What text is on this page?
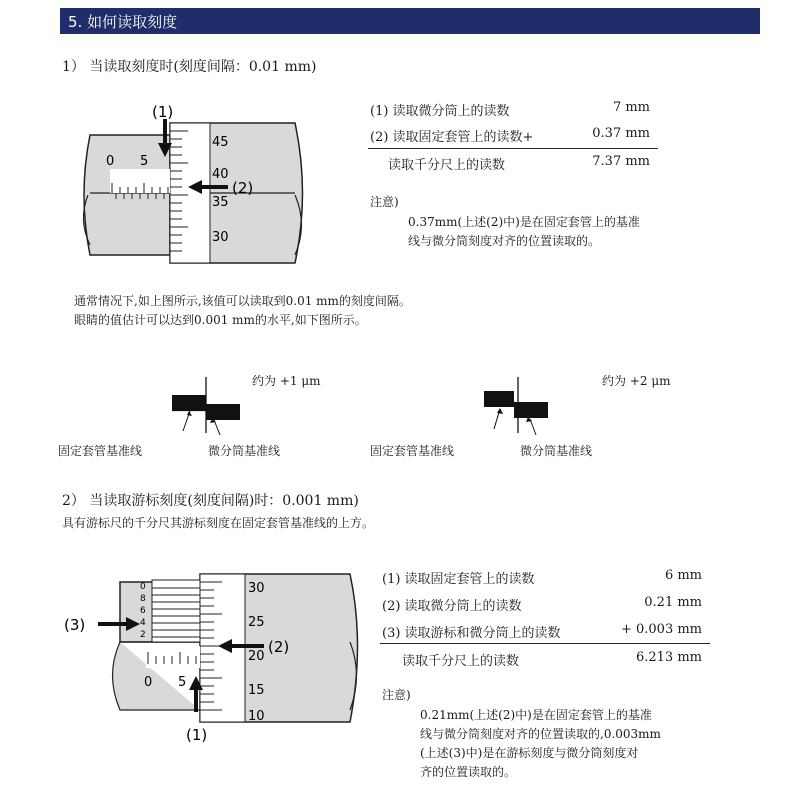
5. 如何读取刻度
1） 当读取刻度时(刻度间隔：0.01 mm)
45
40
35
30
0 5
(1)
(2)
(1) 读取微分筒上的读数	7 mm
(2) 读取固定套管上的读数+	0.37 mm
读取千分尺上的读数	7.37 mm
注意)
0.37mm(上述(2)中)是在固定套管上的基准
线与微分筒刻度对齐的位置读取的。
通常情况下,如上图所示,该值可以读取到0.01 mm的刻度间隔。
眼睛的值估计可以达到0.001 mm的水平,如下图所示。
约为 +1 μm
固定套管基准线	微分筒基准线
约为 +2 μm
固定套管基准线	微分筒基准线
2） 当读取游标刻度(刻度间隔)时：0.001 mm)
具有游标尺的千分尺其游标刻度在固定套管基准线的上方。
30
25
20
15
10
0
8
6
4
2
0 5
(3)
(2)
(1)
(1) 读取固定套管上的读数	6 mm
(2) 读取微分筒上的读数	0.21 mm
(3) 读取游标和微分筒上的读数	+ 0.003 mm
读取千分尺上的读数	6.213 mm
注意)
0.21mm(上述(2)中)是在固定套管上的基准
线与微分筒刻度对齐的位置读取的,0.003mm
(上述(3)中)是在游标刻度与微分筒刻度对
齐的位置读取的。
